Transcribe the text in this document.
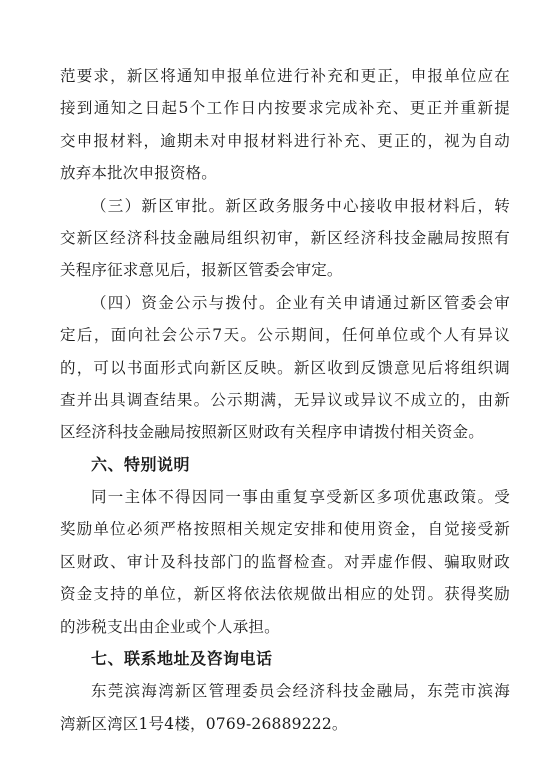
范要求，新区将通知申报单位进行补充和更正，申报单位应在
接到通知之日起5个工作日内按要求完成补充、更正并重新提
交申报材料，逾期未对申报材料进行补充、更正的，视为自动
放弃本批次申报资格。
（三）新区审批。新区政务服务中心接收申报材料后，转
交新区经济科技金融局组织初审，新区经济科技金融局按照有
关程序征求意见后，报新区管委会审定。
（四）资金公示与拨付。企业有关申请通过新区管委会审
定后，面向社会公示7天。公示期间，任何单位或个人有异议
的，可以书面形式向新区反映。新区收到反馈意见后将组织调
查并出具调查结果。公示期满，无异议或异议不成立的，由新
区经济科技金融局按照新区财政有关程序申请拨付相关资金。
六、特别说明
同一主体不得因同一事由重复享受新区多项优惠政策。受
奖励单位必须严格按照相关规定安排和使用资金，自觉接受新
区财政、审计及科技部门的监督检查。对弄虚作假、骗取财政
资金支持的单位，新区将依法依规做出相应的处罚。获得奖励
的涉税支出由企业或个人承担。
七、联系地址及咨询电话
东莞滨海湾新区管理委员会经济科技金融局，东莞市滨海
湾新区湾区1号4楼，0769-26889222。
